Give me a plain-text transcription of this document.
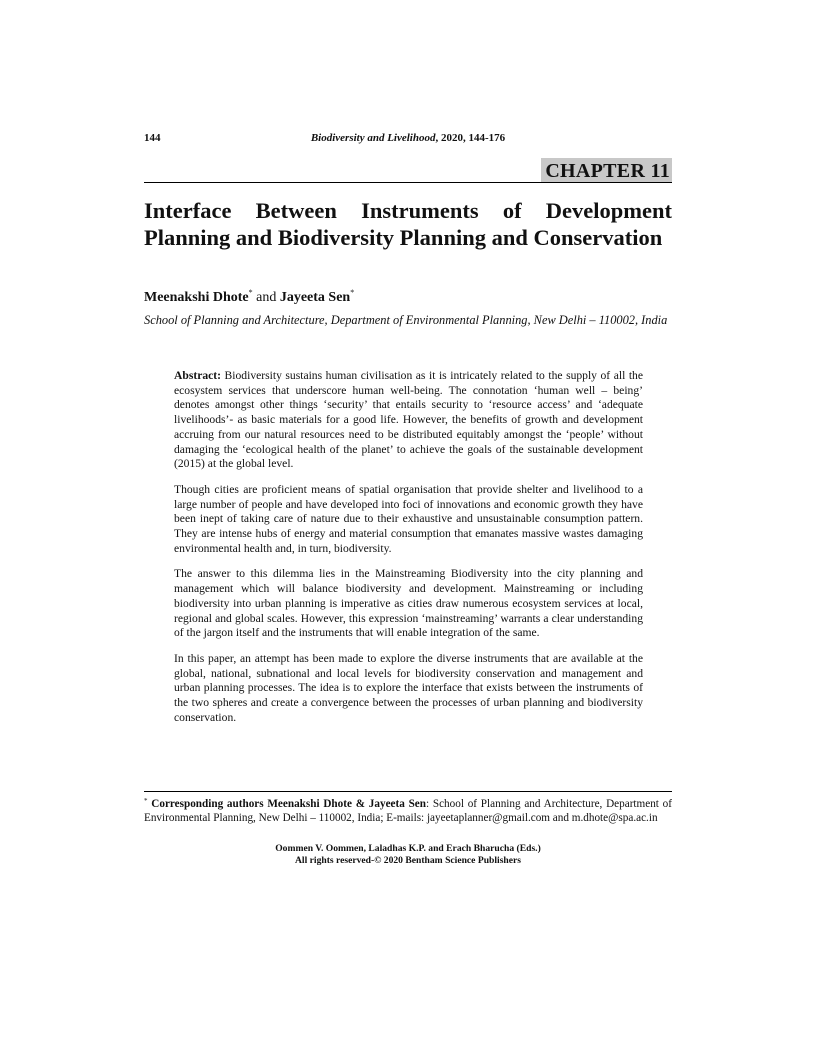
144	Biodiversity and Livelihood, 2020, 144-176
CHAPTER 11
Interface Between Instruments of Development Planning and Biodiversity Planning and Conservation
Meenakshi Dhote* and Jayeeta Sen*
School of Planning and Architecture, Department of Environmental Planning, New Delhi – 110002, India

Abstract: Biodiversity sustains human civilisation as it is intricately related to the supply of all the ecosystem services that underscore human well-being. The connotation ‘human well – being’ denotes amongst other things ‘security’ that entails security to ‘resource access’ and ‘adequate livelihoods’- as basic materials for a good life. However, the benefits of growth and development accruing from our natural resources need to be distributed equitably amongst the ‘people’ without damaging the ‘ecological health of the planet’ to achieve the goals of the sustainable development (2015) at the global level.

Though cities are proficient means of spatial organisation that provide shelter and livelihood to a large number of people and have developed into foci of innovations and economic growth they have been inept of taking care of nature due to their exhaustive and unsustainable consumption pattern. They are intense hubs of energy and material consumption that emanates massive wastes damaging environmental health and, in turn, biodiversity.

The answer to this dilemma lies in the Mainstreaming Biodiversity into the city planning and management which will balance biodiversity and development. Mainstreaming or including biodiversity into urban planning is imperative as cities draw numerous ecosystem services at local, regional and global scales. However, this expression ‘mainstreaming’ warrants a clear understanding of the jargon itself and the instruments that will enable integration of the same.

In this paper, an attempt has been made to explore the diverse instruments that are available at the global, national, subnational and local levels for biodiversity conservation and management and urban planning processes. The idea is to explore the interface that exists between the instruments of the two spheres and create a convergence between the processes of urban planning and biodiversity conservation.

* Corresponding authors Meenakshi Dhote & Jayeeta Sen: School of Planning and Architecture, Department of Environmental Planning, New Delhi – 110002, India; E-mails: jayeetaplanner@gmail.com and m.dhote@spa.ac.in
Oommen V. Oommen, Laladhas K.P. and Erach Bharucha (Eds.)
All rights reserved-© 2020 Bentham Science Publishers
